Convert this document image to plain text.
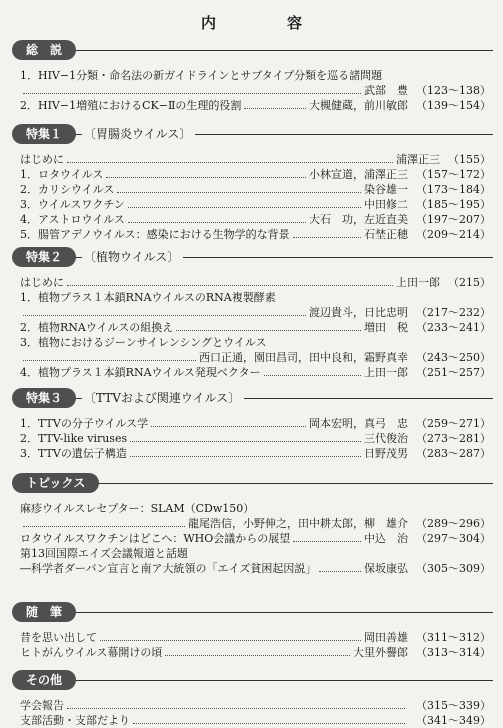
内　容
総　説
1．HIV−1分類・命名法の新ガイドラインとサブタイプ分類を巡る諸問題
武部　豊 （123〜138）
2．HIV−1増殖におけるCK−Ⅱの生理的役割	大槻健蔵，前川敏郎 （139〜154）
特集１	〔胃腸炎ウイルス〕
はじめに	浦澤正三 （155）
1．ロタウイルス	小林宣道，浦澤正三 （157〜172）
2．カリシウイルス	染谷雄一 （173〜184）
3．ウイルスワクチン	中田修二 （185〜195）
4．アストロウイルス	大石　功，左近直美 （197〜207）
5．腸管アデノウイルス：感染における生物学的な背景	石埜正穂 （209〜214）
特集２	〔植物ウイルス〕
はじめに	上田一郎 （215）
1．植物プラス１本鎖RNAウイルスのRNA複製酵素
渡辺貴斗，日比忠明 （217〜232）
2．植物RNAウイルスの組換え	増田　税 （233〜241）
3．植物におけるジーンサイレンシングとウイルス
西口正通，園田昌司，田中良和，霜野真幸 （243〜250）
4．植物プラス１本鎖RNAウイルス発現ベクター	上田一郎 （251〜257）
特集３	〔TTVおよび関連ウイルス〕
1．TTVの分子ウイルス学	岡本宏明，真弓　忠 （259〜271）
2．TTV-like viruses	三代俊治 （273〜281）
3．TTVの遺伝子構造	日野茂男 （283〜287）
トピックス
麻疹ウイルスレセプター：SLAM（CDw150）
龍尾浩信，小野伸之，田中耕太郎，柳　雄介 （289〜296）
ロタウイルスワクチンはどこへ：WHO会議からの展望	中込　治 （297〜304）
第13回国際エイズ会議報道と話題
―科学者ダーバン宣言と南ア大統領の「エイズ貧困起因説」	保坂康弘 （305〜309）
随　筆
昔を思い出して	岡田善雄 （311〜312）
ヒトがんウイルス幕開けの頃	大里外譽郎 （313〜314）
その他
学会報告	（315〜339）
支部活動・支部だより	（341〜349）
